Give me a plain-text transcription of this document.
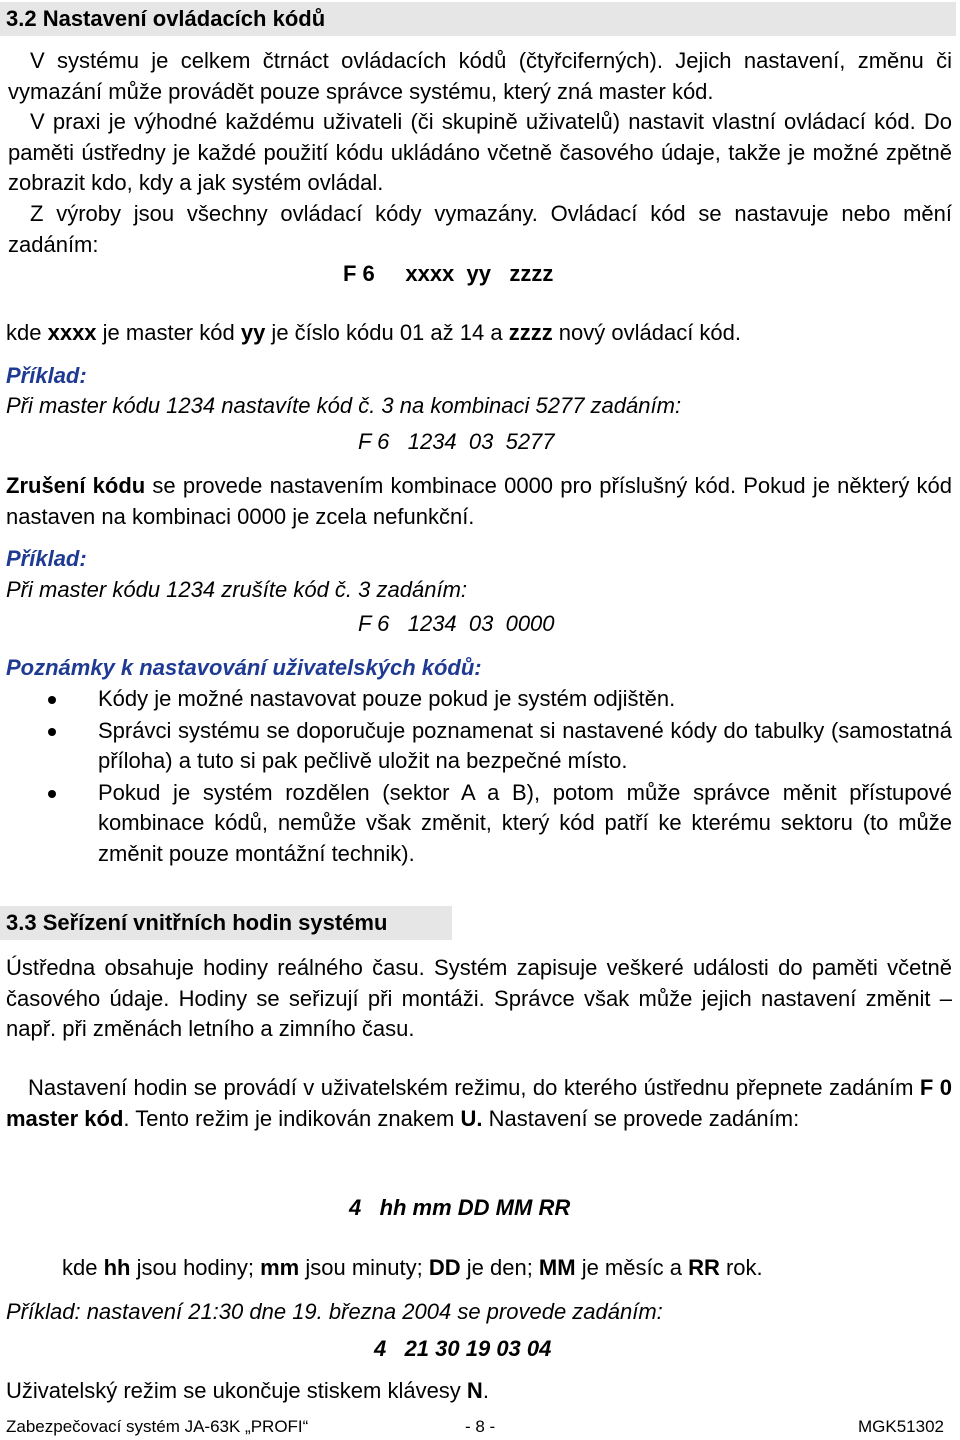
3.2 Nastavení ovládacích kódů

V systému je celkem čtrnáct ovládacích kódů (čtyřciferných). Jejich nastavení, změnu či vymazání může provádět pouze správce systému, který zná master kód.

V praxi je výhodné každému uživateli (či skupině uživatelů) nastavit vlastní ovládací kód. Do paměti ústředny je každé použití kódu ukládáno včetně časového údaje, takže je možné zpětně zobrazit kdo, kdy a jak systém ovládal.

Z výroby jsou všechny ovládací kódy vymazány. Ovládací kód se nastavuje nebo mění zadáním:

F 6     xxxx  yy   zzzz
kde xxxx je master kód yy je číslo kódu 01 až 14 a zzzz nový ovládací kód.
Příklad:
Při master kódu 1234 nastavíte kód č. 3 na kombinaci 5277 zadáním:
F 6   1234  03  5277

Zrušení kódu se provede nastavením kombinace 0000 pro příslušný kód. Pokud je některý kód nastaven na kombinaci 0000 je zcela nefunkční.

Příklad:
Při master kódu 1234 zrušíte kód č. 3 zadáním:
F 6   1234  03  0000
Poznámky k nastavování uživatelských kódů:
Kódy je možné nastavovat pouze pokud je systém odjištěn.
Správci systému se doporučuje poznamenat si nastavené kódy do tabulky (samostatná příloha) a tuto si pak pečlivě uložit na bezpečné místo.
Pokud je systém rozdělen (sektor A a B), potom může správce měnit přístupové kombinace kódů, nemůže však změnit, který kód patří ke kterému sektoru (to může změnit pouze montážní technik).
3.3 Seřízení vnitřních hodin systému

Ústředna obsahuje hodiny reálného času. Systém zapisuje veškeré události do paměti včetně časového údaje. Hodiny se seřizují při montáži. Správce však může jejich nastavení změnit – např. při změnách letního a zimního času.

Nastavení hodin se provádí v uživatelském režimu, do kterého ústřednu přepnete zadáním F 0 master kód. Tento režim je indikován znakem U. Nastavení se provede zadáním:

4   hh mm DD MM RR
kde hh jsou hodiny; mm jsou minuty; DD je den; MM je měsíc a RR rok.
Příklad: nastavení 21:30 dne 19. března 2004 se provede zadáním:
4   21 30 19 03 04
Uživatelský režim se ukončuje stiskem klávesy N.
Zabezpečovací systém JA-63K „PROFI“	- 8 -	MGK51302
